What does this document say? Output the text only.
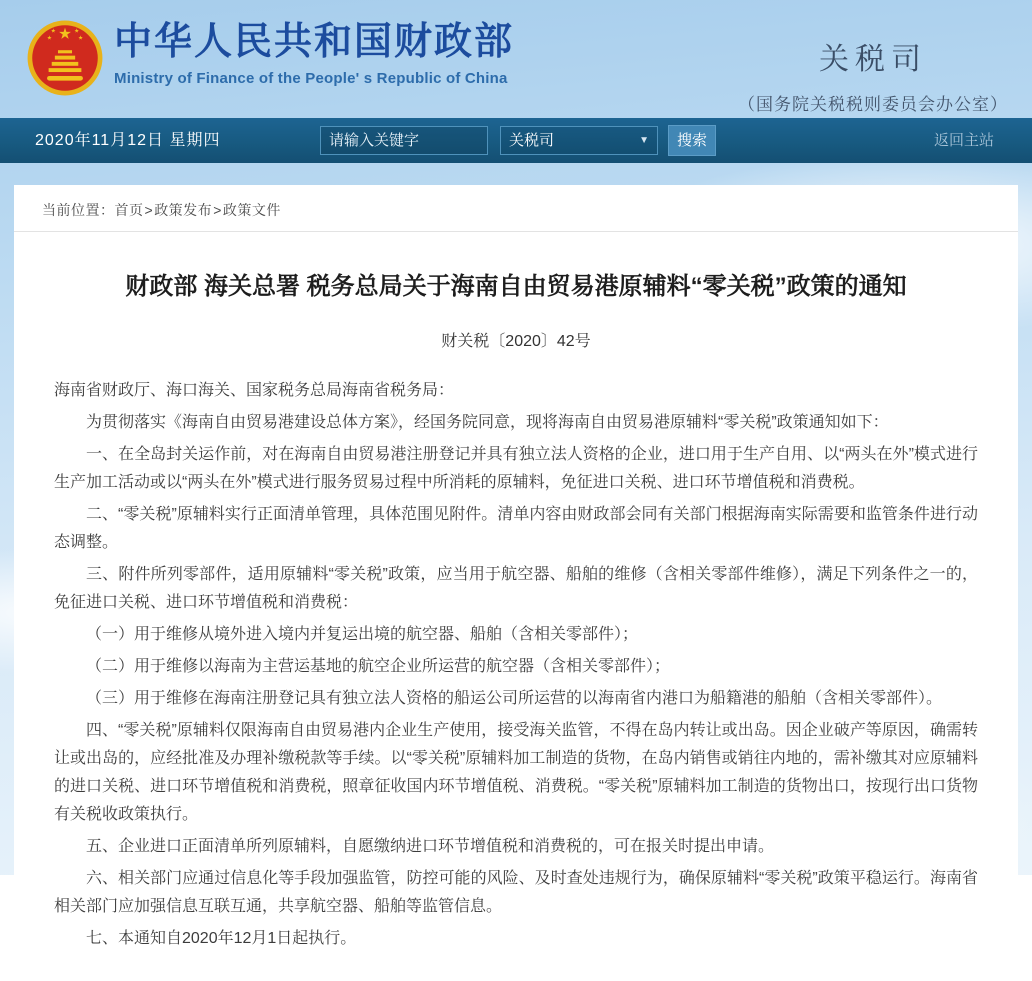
中华人民共和国财政部
Ministry of Finance of the People' s Republic of China
关税司
（国务院关税税则委员会办公室）
2020年11月12日 星期四
请输入关键字	关税司	▼	搜索	返回主站
当前位置：首页>政策发布>政策文件
财政部 海关总署 税务总局关于海南自由贸易港原辅料“零关税”政策的通知
财关税〔2020〕42号

海南省财政厅、海口海关、国家税务总局海南省税务局：

为贯彻落实《海南自由贸易港建设总体方案》，经国务院同意，现将海南自由贸易港原辅料“零关税”政策通知如下：

一、在全岛封关运作前，对在海南自由贸易港注册登记并具有独立法人资格的企业，进口用于生产自用、以“两头在外”模式进行生产加工活动或以“两头在外”模式进行服务贸易过程中所消耗的原辅料，免征进口关税、进口环节增值税和消费税。

二、“零关税”原辅料实行正面清单管理，具体范围见附件。清单内容由财政部会同有关部门根据海南实际需要和监管条件进行动态调整。

三、附件所列零部件，适用原辅料“零关税”政策，应当用于航空器、船舶的维修（含相关零部件维修），满足下列条件之一的，免征进口关税、进口环节增值税和消费税：

（一）用于维修从境外进入境内并复运出境的航空器、船舶（含相关零部件）；

（二）用于维修以海南为主营运基地的航空企业所运营的航空器（含相关零部件）；

（三）用于维修在海南注册登记具有独立法人资格的船运公司所运营的以海南省内港口为船籍港的船舶（含相关零部件）。

四、“零关税”原辅料仅限海南自由贸易港内企业生产使用，接受海关监管，不得在岛内转让或出岛。因企业破产等原因，确需转让或出岛的，应经批准及办理补缴税款等手续。以“零关税”原辅料加工制造的货物，在岛内销售或销往内地的，需补缴其对应原辅料的进口关税、进口环节增值税和消费税，照章征收国内环节增值税、消费税。“零关税”原辅料加工制造的货物出口，按现行出口货物有关税收政策执行。

五、企业进口正面清单所列原辅料，自愿缴纳进口环节增值税和消费税的，可在报关时提出申请。

六、相关部门应通过信息化等手段加强监管，防控可能的风险、及时查处违规行为，确保原辅料“零关税”政策平稳运行。海南省相关部门应加强信息互联互通，共享航空器、船舶等监管信息。

七、本通知自2020年12月1日起执行。
